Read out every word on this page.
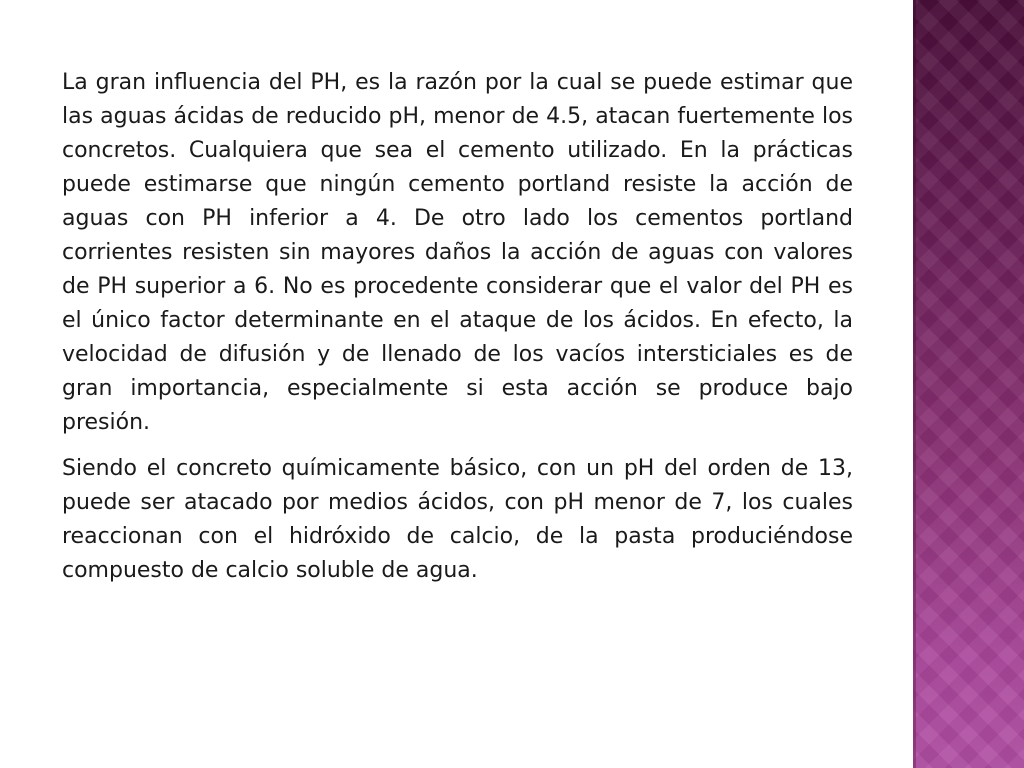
La gran influencia del PH, es la razón por la cual se puede estimar que las aguas ácidas de reducido pH, menor de 4.5, atacan fuertemente los concretos. Cualquiera que sea el cemento utilizado. En la prácticas puede estimarse que ningún cemento portland resiste la acción de aguas con PH inferior a 4. De otro lado los cementos portland corrientes resisten sin mayores daños la acción de aguas con valores de PH superior a 6. No es procedente considerar que el valor del PH es el único factor determinante en el ataque de los ácidos. En efecto, la velocidad de difusión y de llenado de los vacíos intersticiales es de gran importancia, especialmente si esta acción se produce bajo presión.

Siendo el concreto químicamente básico, con un pH del orden de 13, puede ser atacado por medios ácidos, con pH menor de 7, los cuales reaccionan con el hidróxido de calcio, de la pasta produciéndose compuesto de calcio soluble de agua.
